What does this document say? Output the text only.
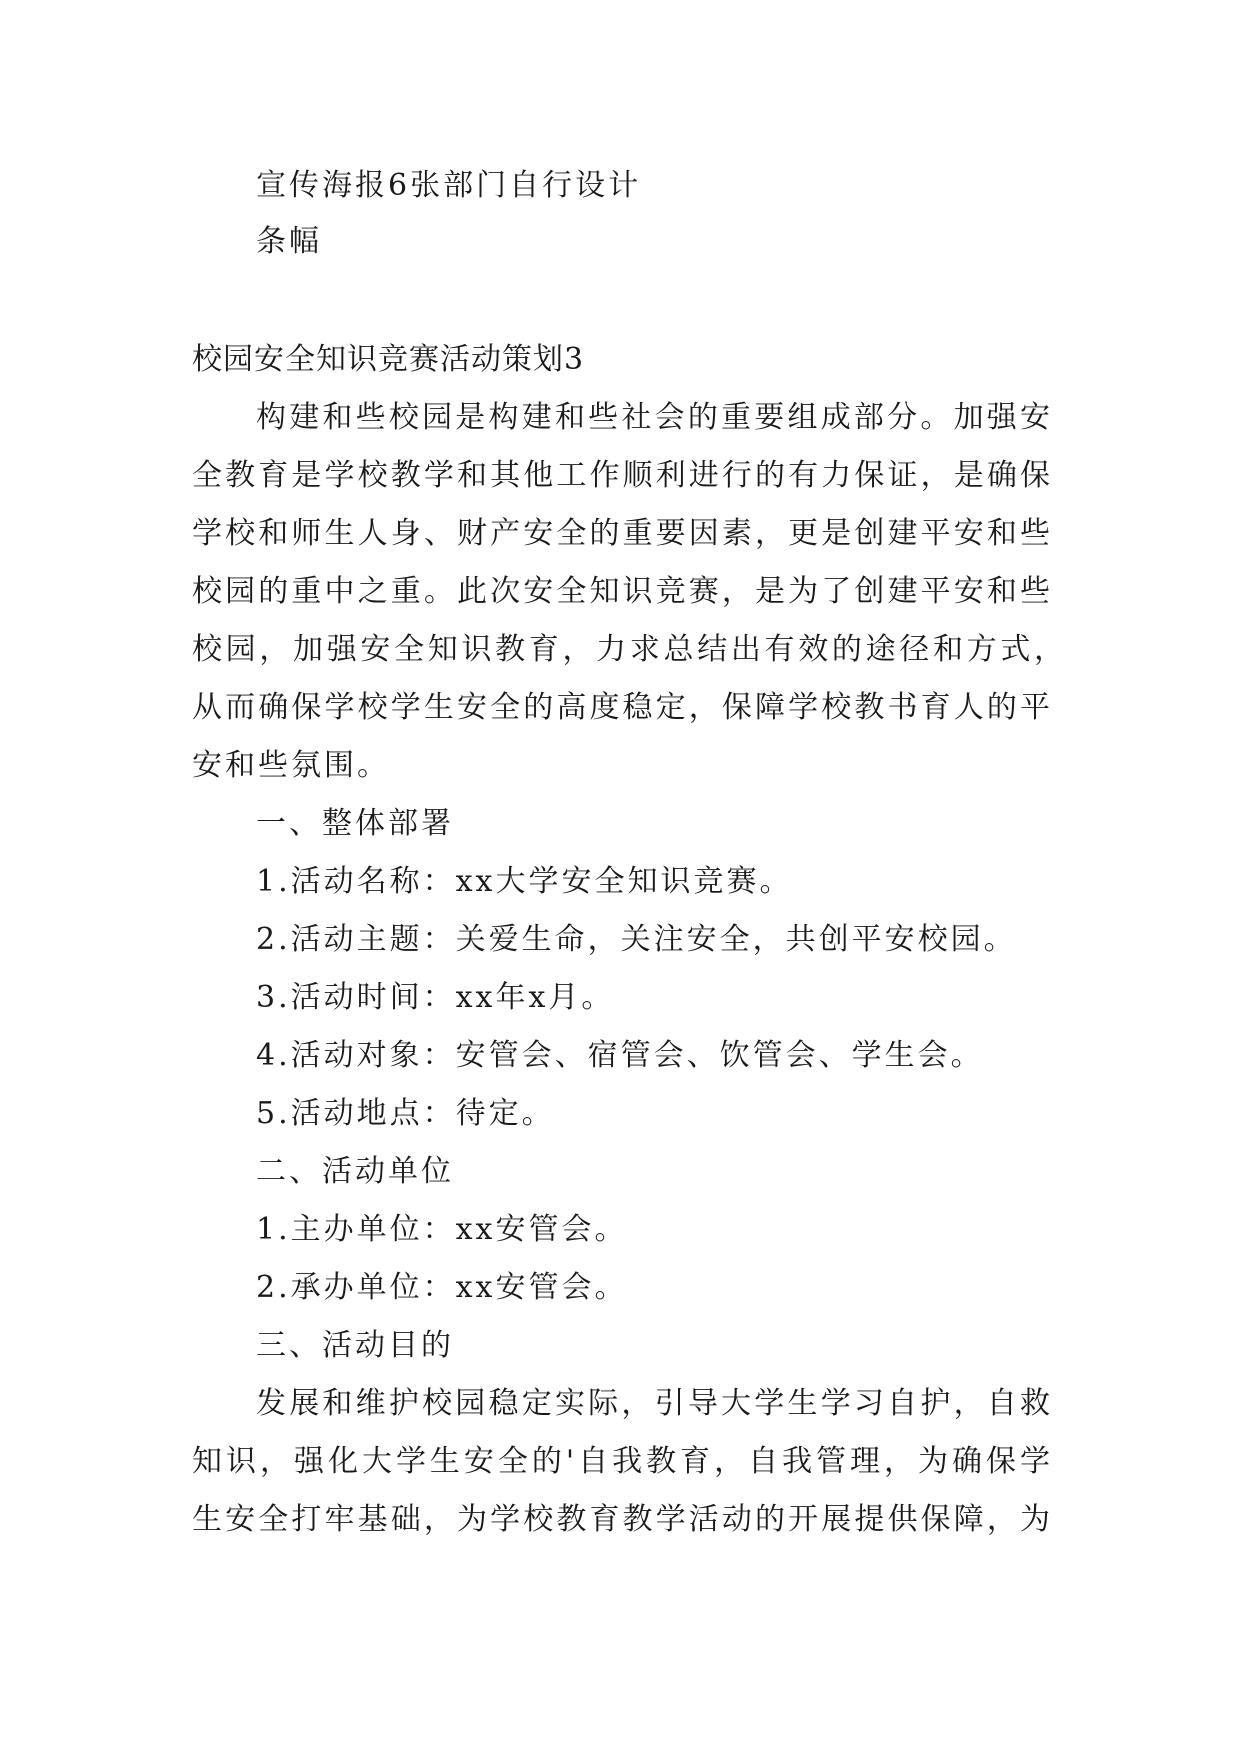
宣传海报6张部门自行设计
条幅
校园安全知识竞赛活动策划3
构建和些校园是构建和些社会的重要组成部分。加强安
全教育是学校教学和其他工作顺利进行的有力保证，是确保
学校和师生人身、财产安全的重要因素，更是创建平安和些
校园的重中之重。此次安全知识竞赛，是为了创建平安和些
校园，加强安全知识教育，力求总结出有效的途径和方式，
从而确保学校学生安全的高度稳定，保障学校教书育人的平
安和些氛围。
一、整体部署
1.活动名称：xx大学安全知识竞赛。
2.活动主题：关爱生命，关注安全，共创平安校园。
3.活动时间：xx年x月。
4.活动对象：安管会、宿管会、饮管会、学生会。
5.活动地点：待定。
二、活动单位
1.主办单位：xx安管会。
2.承办单位：xx安管会。
三、活动目的
发展和维护校园稳定实际，引导大学生学习自护，自救
知识，强化大学生安全的'自我教育，自我管理，为确保学
生安全打牢基础，为学校教育教学活动的开展提供保障，为
